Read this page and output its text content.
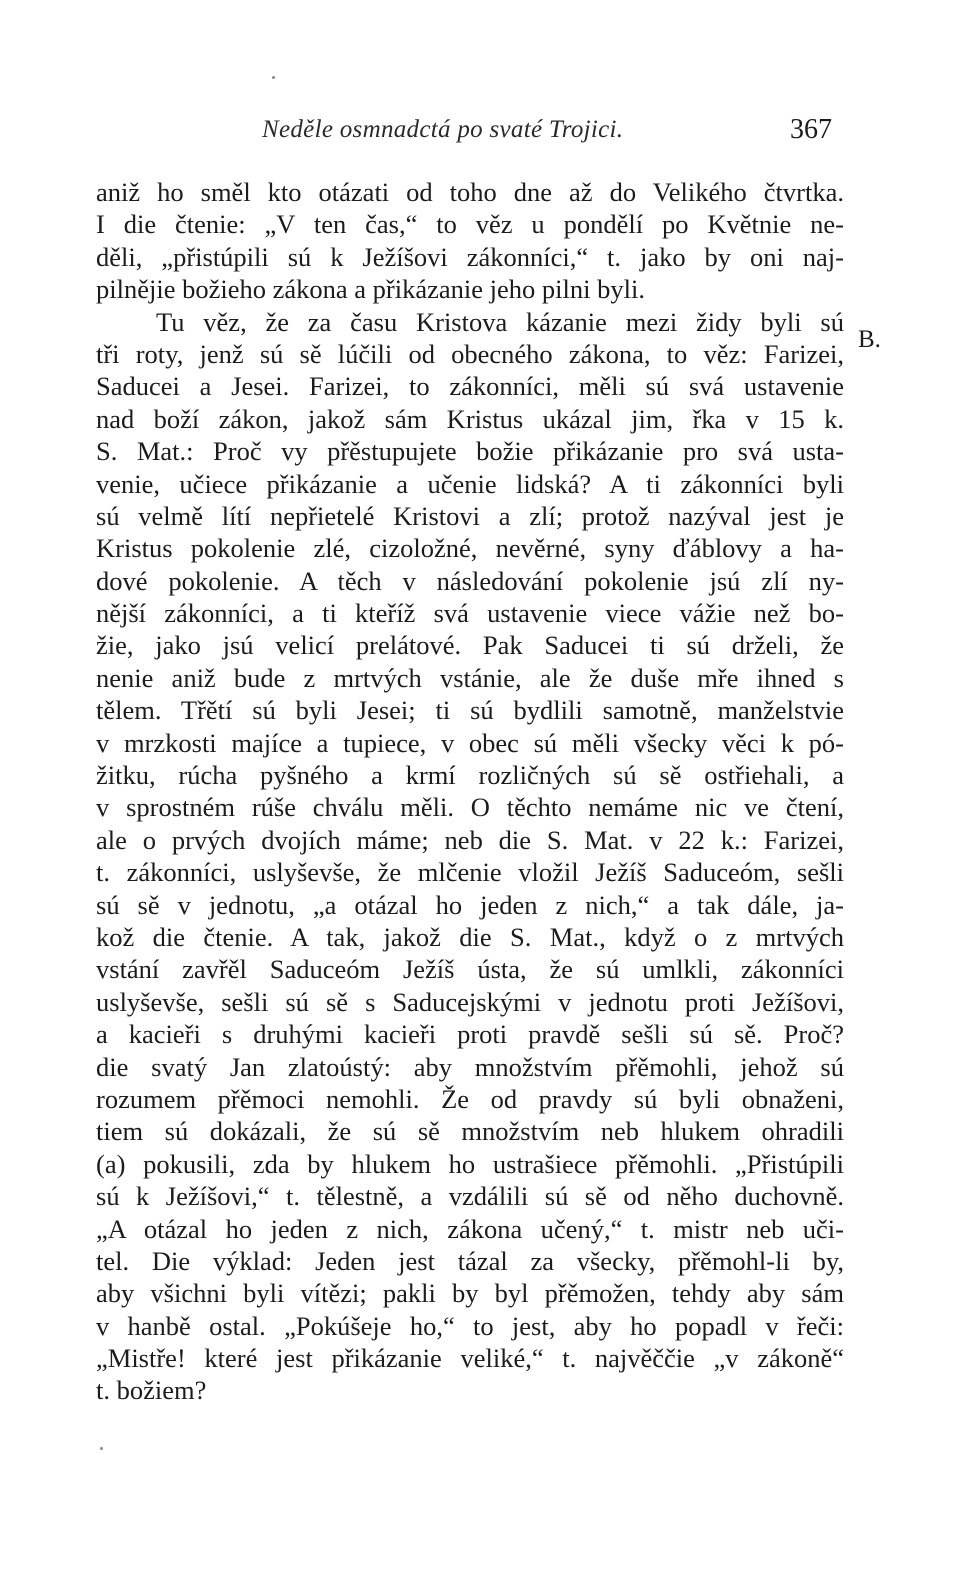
Neděle osmnadctá po svaté Trojici.	367
B.
aniž ho směl kto otázati od toho dne až do Velikého čtvrtka.
I die čtenie: „V ten čas,“ to věz u pondělí po Květnie ne-
děli, „přistúpili sú k Ježíšovi zákonníci,“ t. jako by oni naj-
pilnějie božieho zákona a přikázanie jeho pilni byli.
Tu věz, že za času Kristova kázanie mezi židy byli sú
tři roty, jenž sú sě lúčili od obecného zákona, to věz: Farizei,
Saducei a Jesei. Farizei, to zákonníci, měli sú svá ustavenie
nad boží zákon, jakož sám Kristus ukázal jim, řka v 15 k.
S. Mat.: Proč vy přěstupujete božie přikázanie pro svá usta-
venie, učiece přikázanie a učenie lidská? A ti zákonníci byli
sú velmě lítí nepřietelé Kristovi a zlí; protož nazýval jest je
Kristus pokolenie zlé, cizoložné, nevěrné, syny ďáblovy a ha-
dové pokolenie. A těch v následování pokolenie jsú zlí ny-
nější zákonníci, a ti kteříž svá ustavenie viece vážie než bo-
žie, jako jsú velicí prelátové. Pak Saducei ti sú drželi, že
nenie aniž bude z mrtvých vstánie, ale že duše mře ihned s
tělem. Třětí sú byli Jesei; ti sú bydlili samotně, manželstvie
v mrzkosti majíce a tupiece, v obec sú měli všecky věci k pó-
žitku, rúcha pyšného a krmí rozličných sú sě ostřiehali, a
v sprostném rúše chválu měli. O těchto nemáme nic ve čtení,
ale o prvých dvojích máme; neb die S. Mat. v 22 k.: Farizei,
t. zákonníci, uslyševše, že mlčenie vložil Ježíš Saduceóm, sešli
sú sě v jednotu, „a otázal ho jeden z nich,“ a tak dále, ja-
kož die čtenie. A tak, jakož die S. Mat., když o z mrtvých
vstání zavřěl Saduceóm Ježíš ústa, že sú umlkli, zákonníci
uslyševše, sešli sú sě s Saducejskými v jednotu proti Ježíšovi,
a kacieři s druhými kacieři proti pravdě sešli sú sě. Proč?
die svatý Jan zlatoústý: aby množstvím přěmohli, jehož sú
rozumem přěmoci nemohli. Že od pravdy sú byli obnaženi,
tiem sú dokázali, že sú sě množstvím neb hlukem ohradili
(a) pokusili, zda by hlukem ho ustrašiece přěmohli. „Přistúpili
sú k Ježíšovi,“ t. tělestně, a vzdálili sú sě od něho duchovně.
„A otázal ho jeden z nich, zákona učený,“ t. mistr neb uči-
tel. Die výklad: Jeden jest tázal za všecky, přěmohl-li by,
aby všichni byli vítězi; pakli by byl přěmožen, tehdy aby sám
v hanbě ostal. „Pokúšeje ho,“ to jest, aby ho popadl v řeči:
„Mistře! které jest přikázanie veliké,“ t. najvěččie „v zákoně“
t. božiem?
